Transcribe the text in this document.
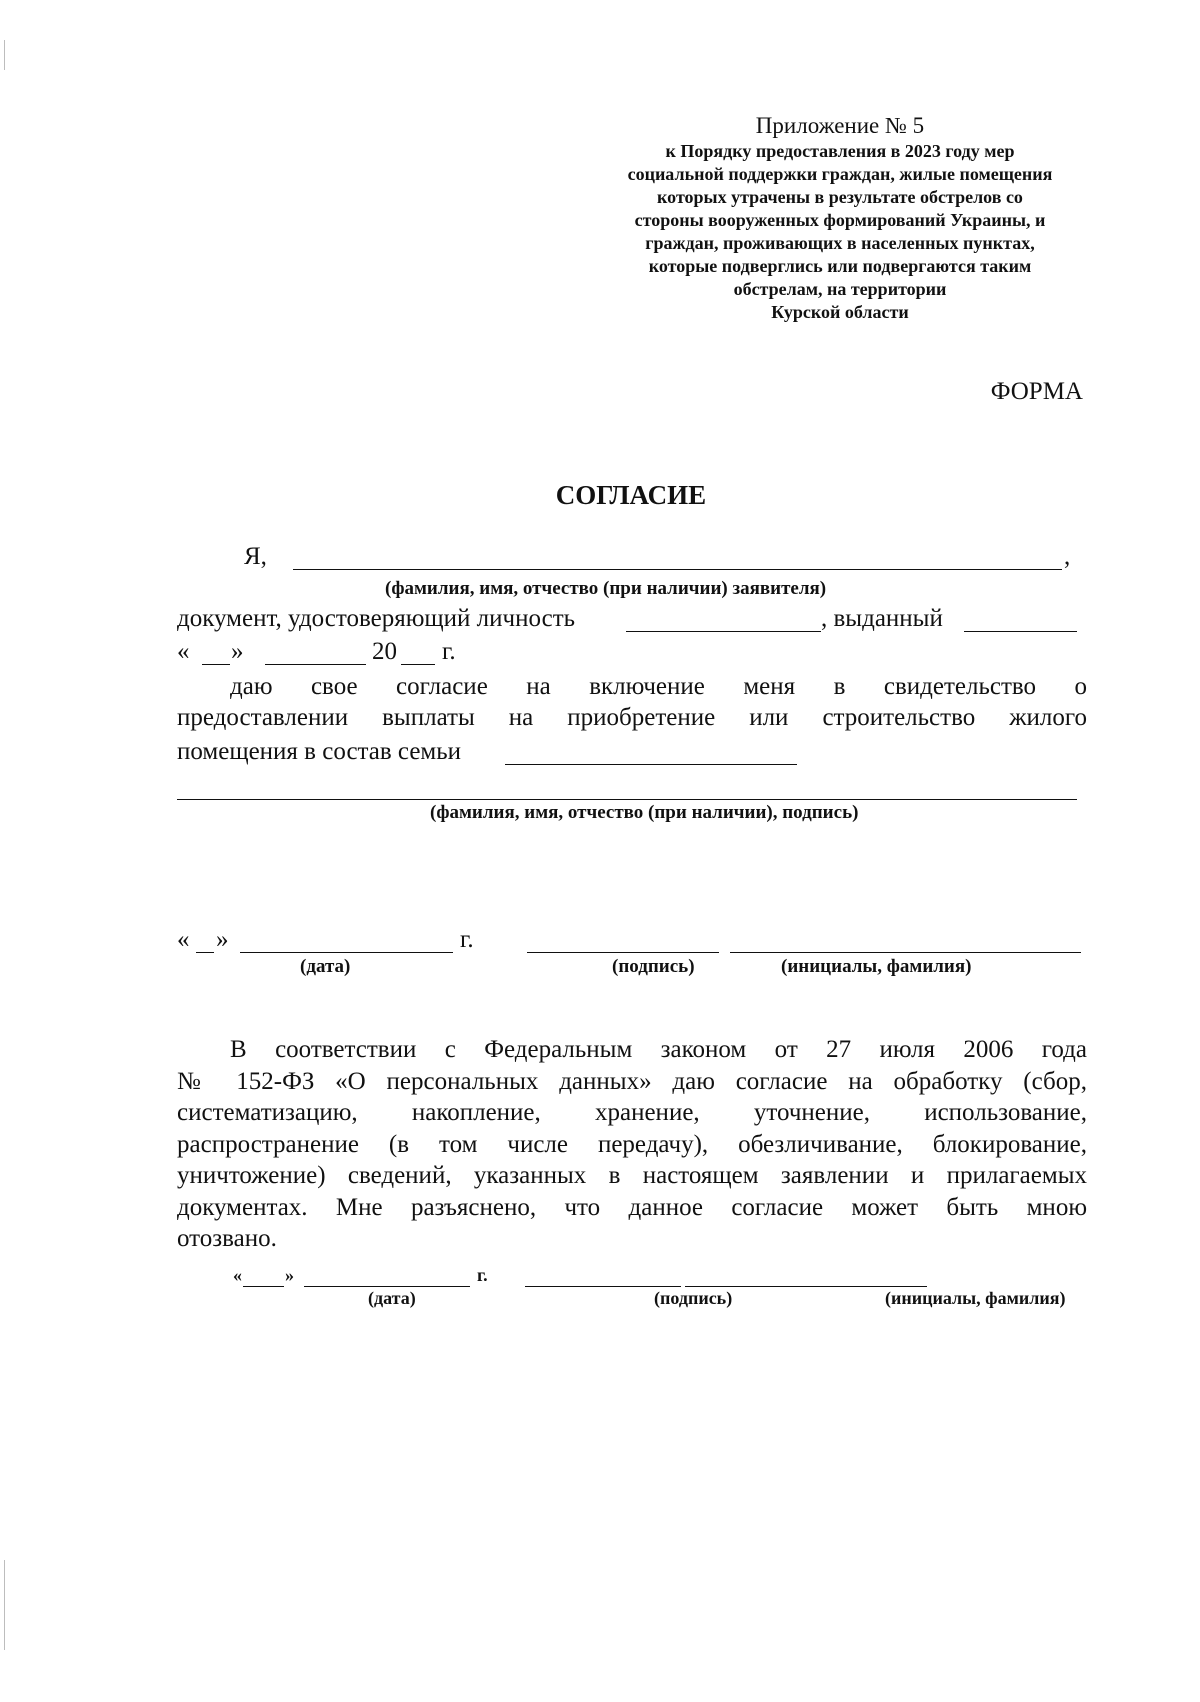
Приложение № 5
к Порядку предоставления в 2023 году мер
социальной поддержки граждан, жилые помещения
которых утрачены в результате обстрелов со
стороны вооруженных формирований Украины, и
граждан, проживающих в населенных пунктах,
которые подверглись или подвергаются таким
обстрелам, на территории
Курской области
ФОРМА
СОГЛАСИЕ
Я,	,
(фамилия, имя, отчество (при наличии) заявителя)
документ, удостоверяющий личность	, выданный
« »	20 г.

даю свое согласие на включение меня в свидетельство о

предоставлении выплаты на приобретение или строительство жилого

помещения в состав семьи
(фамилия, имя, отчество (при наличии), подпись)
« »	г.
(дата)	(подпись)	(инициалы, фамилия)

В соответствии с Федеральным законом от 27 июля 2006 года

№ 152-ФЗ «О персональных данных» даю согласие на обработку (сбор,

систематизацию, накопление, хранение, уточнение, использование,

распространение (в том числе передачу), обезличивание, блокирование,

уничтожение) сведений, указанных в настоящем заявлении и прилагаемых

документах. Мне разъяснено, что данное согласие может быть мною

отозвано.

« »	г.
(дата)	(подпись)	(инициалы, фамилия)
